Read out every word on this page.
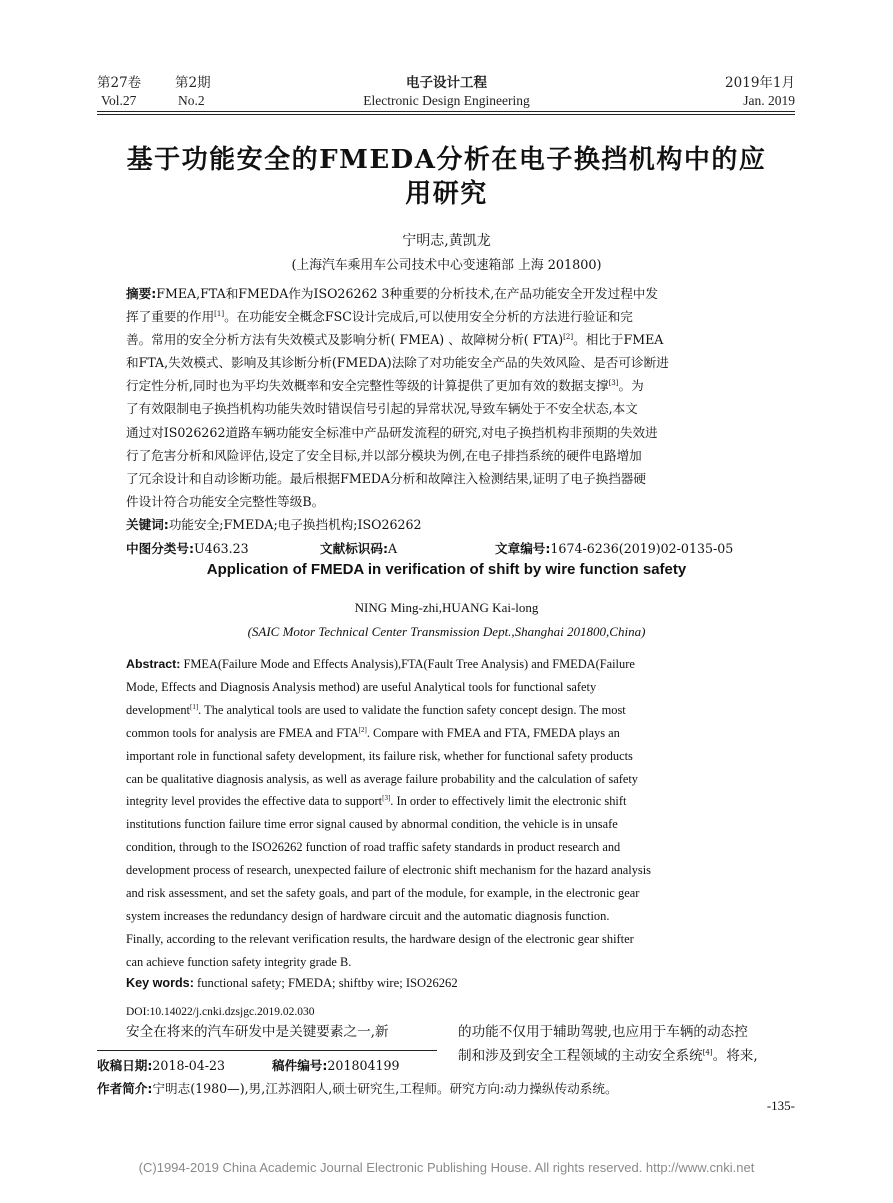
第27卷	第2期	电子设计工程	2019年1月
Vol.27	No.2	Electronic Design Engineering	Jan. 2019
基于功能安全的FMEDA分析在电子换挡机构中的应
用研究
宁明志,黄凯龙
(上海汽车乘用车公司技术中心变速箱部 上海 201800)
摘要:FMEA,FTA和FMEDA作为ISO26262 3种重要的分析技术,在产品功能安全开发过程中发
挥了重要的作用[1]。在功能安全概念FSC设计完成后,可以使用安全分析的方法进行验证和完
善。常用的安全分析方法有失效模式及影响分析( FMEA) 、故障树分析( FTA)[2]。相比于FMEA
和FTA,失效模式、影响及其诊断分析(FMEDA)法除了对功能安全产品的失效风险、是否可诊断进
行定性分析,同时也为平均失效概率和安全完整性等级的计算提供了更加有效的数据支撑[3]。为
了有效限制电子换挡机构功能失效时错误信号引起的异常状况,导致车辆处于不安全状态,本文
通过对IS026262道路车辆功能安全标准中产品研发流程的研究,对电子换挡机构非预期的失效进
行了危害分析和风险评估,设定了安全目标,并以部分模块为例,在电子排挡系统的硬件电路增加
了冗余设计和自动诊断功能。最后根据FMEDA分析和故障注入检测结果,证明了电子换挡器硬
件设计符合功能安全完整性等级B。
关键词:功能安全;FMEDA;电子换挡机构;ISO26262
中图分类号:U463.23	文献标识码:A	文章编号:1674-6236(2019)02-0135-05
Application of FMEDA in verification of shift by wire function safety
NING Ming-zhi,HUANG Kai-long
(SAIC Motor Technical Center Transmission Dept.,Shanghai 201800,China)
Abstract: FMEA(Failure Mode and Effects Analysis),FTA(Fault Tree Analysis) and FMEDA(Failure
Mode, Effects and Diagnosis Analysis method) are useful Analytical tools for functional safety
development[1]. The analytical tools are used to validate the function safety concept design. The most
common tools for analysis are FMEA and FTA[2]. Compare with FMEA and FTA, FMEDA plays an
important role in functional safety development, its failure risk, whether for functional safety products
can be qualitative diagnosis analysis, as well as average failure probability and the calculation of safety
integrity level provides the effective data to support[3]. In order to effectively limit the electronic shift
institutions function failure time error signal caused by abnormal condition, the vehicle is in unsafe
condition, through to the ISO26262 function of road traffic safety standards in product research and
development process of research, unexpected failure of electronic shift mechanism for the hazard analysis
and risk assessment, and set the safety goals, and part of the module, for example, in the electronic gear
system increases the redundancy design of hardware circuit and the automatic diagnosis function.
Finally, according to the relevant verification results, the hardware design of the electronic gear shifter
can achieve function safety integrity grade B.
Key words: functional safety; FMEDA; shiftby wire; ISO26262
DOI:10.14022/j.cnki.dzsjgc.2019.02.030
安全在将来的汽车研发中是关键要素之一,新	的功能不仅用于辅助驾驶,也应用于车辆的动态控
制和涉及到安全工程领域的主动安全系统[4]。将来,
收稿日期:2018-04-23	稿件编号:201804199
作者简介:宁明志(1980—),男,江苏泗阳人,硕士研究生,工程师。研究方向:动力操纵传动系统。
-135-
(C)1994-2019 China Academic Journal Electronic Publishing House. All rights reserved. http://www.cnki.net
